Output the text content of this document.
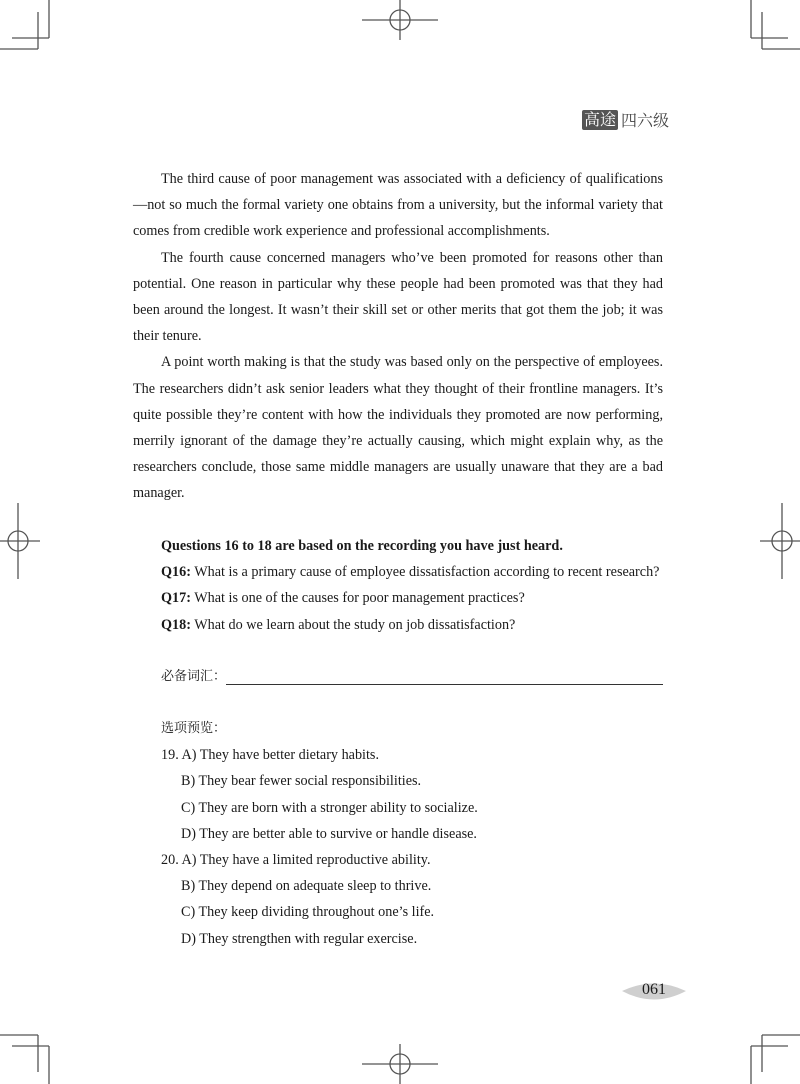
高途 四六级

The third cause of poor management was associated with a deficiency of qualifications—not so much the formal variety one obtains from a university, but the informal variety that comes from credible work experience and professional accomplishments.

The fourth cause concerned managers who’ve been promoted for reasons other than potential. One reason in particular why these people had been promoted was that they had been around the longest. It wasn’t their skill set or other merits that got them the job; it was their tenure.

A point worth making is that the study was based only on the perspective of employees. The researchers didn’t ask senior leaders what they thought of their frontline managers. It’s quite possible they’re content with how the individuals they promoted are now performing, merrily ignorant of the damage they’re actually causing, which might explain why, as the researchers conclude, those same middle managers are usually unaware that they are a bad manager.

Questions 16 to 18 are based on the recording you have just heard.
Q16: What is a primary cause of employee dissatisfaction according to recent research?
Q17: What is one of the causes for poor management practices?
Q18: What do we learn about the study on job dissatisfaction?
必备词汇：
选项预览：
19. A) They have better dietary habits.
B) They bear fewer social responsibilities.
C) They are born with a stronger ability to socialize.
D) They are better able to survive or handle disease.
20. A) They have a limited reproductive ability.
B) They depend on adequate sleep to thrive.
C) They keep dividing throughout one’s life.
D) They strengthen with regular exercise.
061
